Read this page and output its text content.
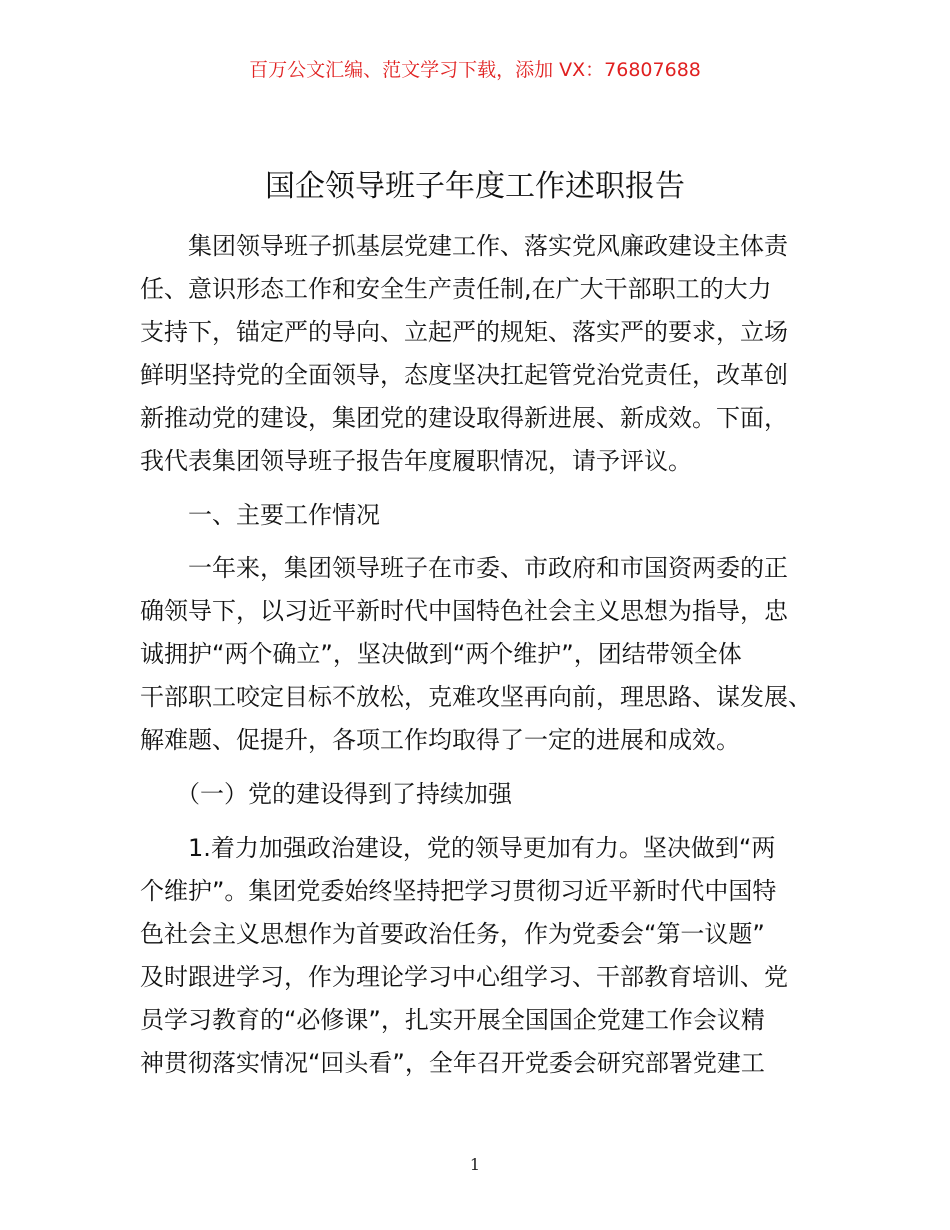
百万公文汇编、范文学习下载，添加 VX：76807688
国企领导班子年度工作述职报告

　　集团领导班子抓基层党建工作、落实党风廉政建设主体责
任、意识形态工作和安全生产责任制,在广大干部职工的大力
支持下，锚定严的导向、立起严的规矩、落实严的要求，立场
鲜明坚持党的全面领导，态度坚决扛起管党治党责任，改革创
新推动党的建设，集团党的建设取得新进展、新成效。下面，
我代表集团领导班子报告年度履职情况，请予评议。

　　一、主要工作情况

　　一年来，集团领导班子在市委、市政府和市国资两委的正
确领导下，以习近平新时代中国特色社会主义思想为指导，忠
诚拥护“两个确立”，坚决做到“两个维护”，团结带领全体
干部职工咬定目标不放松，克难攻坚再向前，理思路、谋发展、
解难题、促提升，各项工作均取得了一定的进展和成效。

　　（一）党的建设得到了持续加强

　　1.着力加强政治建设，党的领导更加有力。坚决做到“两
个维护”。集团党委始终坚持把学习贯彻习近平新时代中国特
色社会主义思想作为首要政治任务，作为党委会“第一议题”
及时跟进学习，作为理论学习中心组学习、干部教育培训、党
员学习教育的“必修课”，扎实开展全国国企党建工作会议精
神贯彻落实情况“回头看”，全年召开党委会研究部署党建工

1
